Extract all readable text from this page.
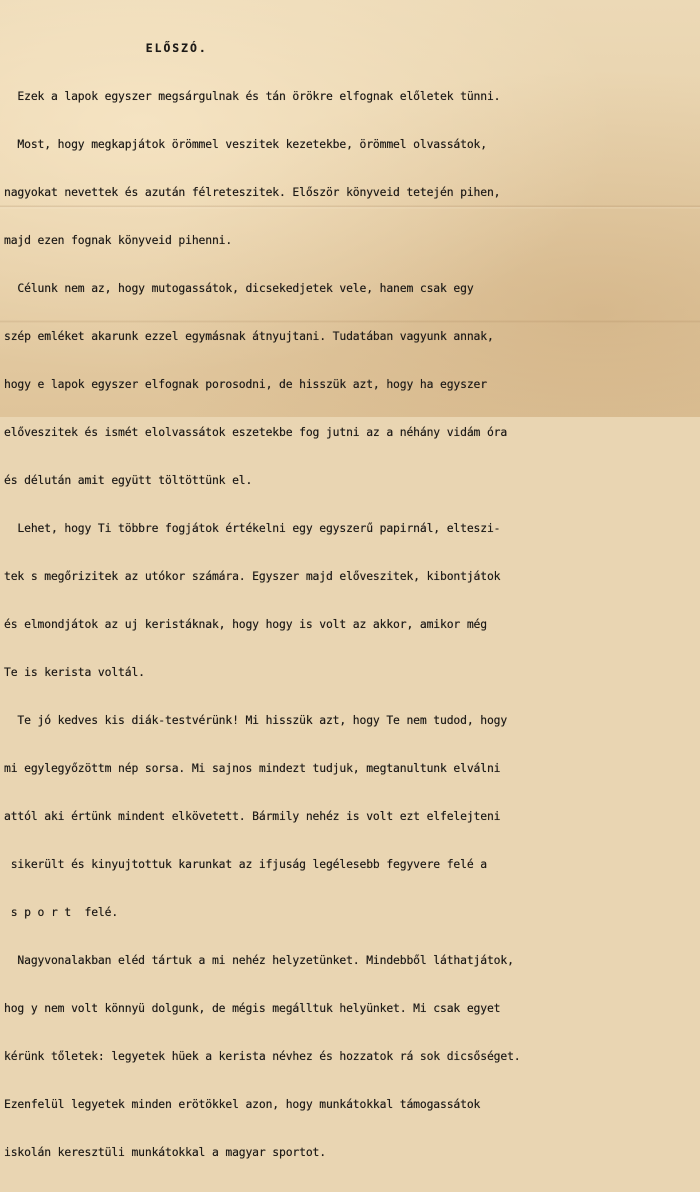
ELŐSZÓ.

Ezek a lapok egyszer megsárgulnak és tán örökre elfognak előletek tünni.

Most, hogy megkapjátok örömmel veszitek kezetekbe, örömmel olvassátok,

nagyokat nevettek és azután félreteszitek. Először könyveid tetején pihen,

majd ezen fognak könyveid pihenni.

Célunk nem az, hogy mutogassátok, dicsekedjetek vele, hanem csak egy

szép emléket akarunk ezzel egymásnak átnyujtani. Tudatában vagyunk annak,

hogy e lapok egyszer elfognak porosodni, de hisszük azt, hogy ha egyszer

előveszitek és ismét elolvassátok eszetekbe fog jutni az a néhány vidám óra

és délután amit együtt töltöttünk el.

Lehet, hogy Ti többre fogjátok értékelni egy egyszerű papirnál, elteszi-

tek s megőrizitek az utókor számára. Egyszer majd előveszitek, kibontjátok

és elmondjátok az uj keristáknak, hogy hogy is volt az akkor, amikor még

Te is kerista voltál.

Te jó kedves kis diák-testvérünk! Mi hisszük azt, hogy Te nem tudod, hogy

mi egylegyőzöttm nép sorsa. Mi sajnos mindezt tudjuk, megtanultunk elválni

attól aki értünk mindent elkövetett. Bármily nehéz is volt ezt elfelejteni

sikerült és kinyujtottuk karunkat az ifjuság legélesebb fegyvere felé a

s p o r t  felé.

Nagyvonalakban eléd tártuk a mi nehéz helyzetünket. Mindebből láthatjátok,

hog y nem volt könnyü dolgunk, de mégis megálltuk helyünket. Mi csak egyet

kérünk tőletek: legyetek hüek a kerista névhez és hozzatok rá sok dicsőséget.

Ezenfelül legyetek minden erötökkel azon, hogy munkátokkal támogassátok

iskolán keresztüli munkátokkal a magyar sportot.
